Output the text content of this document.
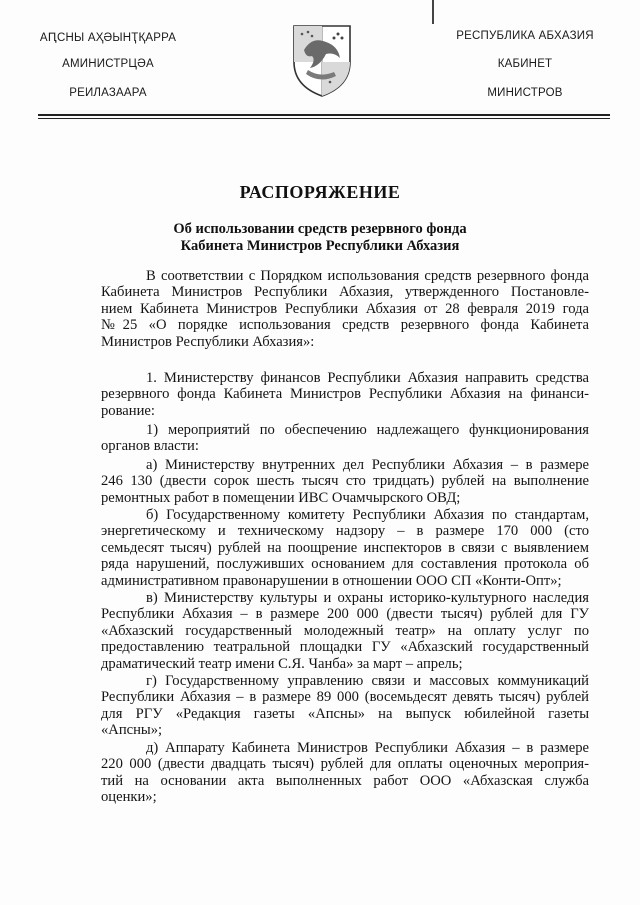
АԤСНЫ АҲӘЫНҬҚАРРА
АМИНИСТРЦӘА
РЕИЛАЗААРА
РЕСПУБЛИКА АБХАЗИЯ
КАБИНЕТ
МИНИСТРОВ
РАСПОРЯЖЕНИЕ
Об использовании средств резервного фонда
Кабинета Министров Республики Абхазия
В соответствии с Порядком использования средств резервного фонда
Кабинета Министров Республики Абхазия, утвержденного Постановле-
нием Кабинета Министров Республики Абхазия от 28 февраля 2019 года
№25 «О порядке использования средств резервного фонда Кабинета
Министров Республики Абхазия»:
1. Министерству финансов Республики Абхазия направить средства
резервного фонда Кабинета Министров Республики Абхазия на финанси-
рование:
1) мероприятий по обеспечению надлежащего функционирования
органов власти:
а) Министерству внутренних дел Республики Абхазия – в размере
246 130 (двести сорок шесть тысяч сто тридцать) рублей на выполнение
ремонтных работ в помещении ИВС Очамчырского ОВД;
б) Государственному комитету Республики Абхазия по стандартам,
энергетическому и техническому надзору – в размере 170 000 (сто
семьдесят тысяч) рублей на поощрение инспекторов в связи с выявлением
ряда нарушений, послуживших основанием для составления протокола об
административном правонарушении в отношении ООО СП «Конти-Опт»;
в) Министерству культуры и охраны историко-культурного наследия
Республики Абхазия – в размере 200 000 (двести тысяч) рублей для ГУ
«Абхазский государственный молодежный театр» на оплату услуг по
предоставлению театральной площадки ГУ «Абхазский государственный
драматический театр имени С.Я. Чанба» за март – апрель;
г) Государственному управлению связи и массовых коммуникаций
Республики Абхазия – в размере 89 000 (восемьдесят девять тысяч) рублей
для РГУ «Редакция газеты «Апсны» на выпуск юбилейной газеты
«Апсны»;
д) Аппарату Кабинета Министров Республики Абхазия – в размере
220 000 (двести двадцать тысяч) рублей для оплаты оценочных мероприя-
тий на основании акта выполненных работ ООО «Абхазская служба
оценки»;
